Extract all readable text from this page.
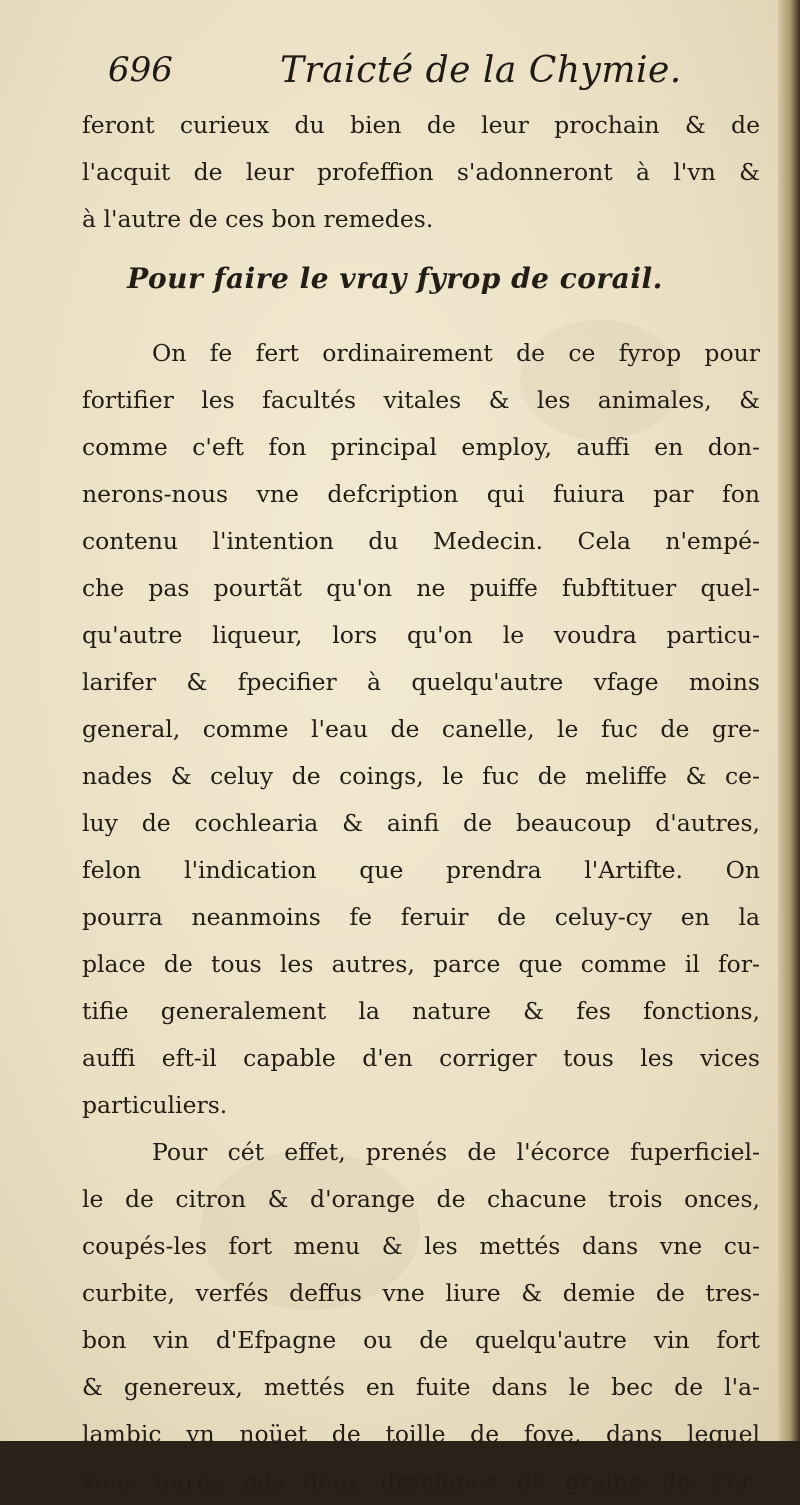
696	Traicté de la Chymie.
feront curieux du bien de leur prochain & de
l'acquit de leur profeffion s'adonneront à l'vn &
à l'autre de ces bon remedes.
Pour faire le vray fyrop de corail.
On fe fert ordinairement de ce fyrop pour
fortifier les facultés vitales & les animales, &
comme c'eft fon principal employ, auffi en don-
nerons-nous vne defcription qui fuiura par fon
contenu l'intention du Medecin. Cela n'empé-
che pas pourtãt qu'on ne puiffe fubftituer quel-
qu'autre liqueur, lors qu'on le voudra particu-
larifer & fpecifier à quelqu'autre vfage moins
general, comme l'eau de canelle, le fuc de gre-
nades & celuy de coings, le fuc de meliffe & ce-
luy de cochlearia & ainfi de beaucoup d'autres,
felon l'indication que prendra l'Artifte. On
pourra neanmoins fe feruir de celuy-cy en la
place de tous les autres, parce que comme il for-
tifie generalement la nature & fes fonctions,
auffi eft-il capable d'en corriger tous les vices
particuliers.
Pour cét effet, prenés de l'écorce fuperficiel-
le de citron & d'orange de chacune trois onces,
coupés-les fort menu & les mettés dans vne cu-
curbite, verfés deffus vne liure & demie de tres-
bon vin d'Efpagne ou de quelqu'autre vin fort
& genereux, mettés en fuite dans le bec de l'a-
lambic vn noüet de toille de foye, dans lequel
vous aurés mis deux drachmes de graine de Ker-
